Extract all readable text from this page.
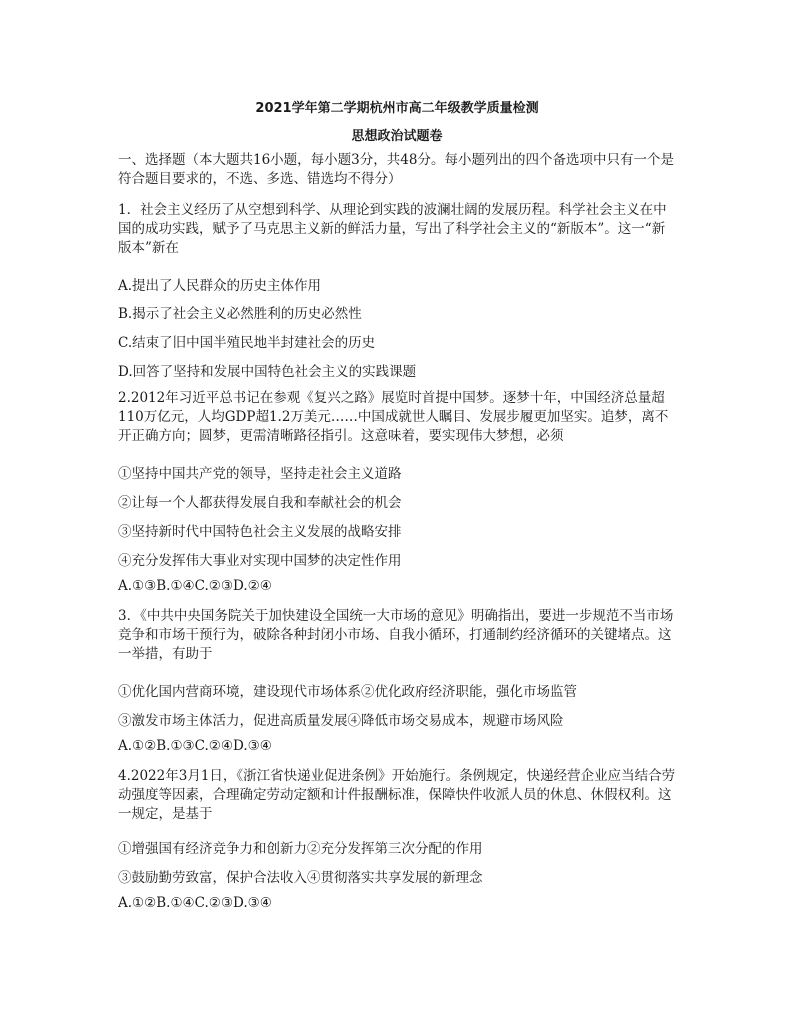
2021学年第二学期杭州市高二年级教学质量检测
思想政治试题卷
一、选择题（本大题共16小题，每小题3分，共48分。每小题列出的四个备选项中只有一个是符合题目要求的，不选、多选、错选均不得分）
1．社会主义经历了从空想到科学、从理论到实践的波澜壮阔的发展历程。科学社会主义在中国的成功实践，赋予了马克思主义新的鲜活力量，写出了科学社会主义的“新版本”。这一“新版本”新在
A.提出了人民群众的历史主体作用
B.揭示了社会主义必然胜利的历史必然性
C.结束了旧中国半殖民地半封建社会的历史
D.回答了坚持和发展中国特色社会主义的实践课题
2.2012年习近平总书记在参观《复兴之路》展览时首提中国梦。逐梦十年，中国经济总量超110万亿元，人均GDP超1.2万美元……中国成就世人瞩目、发展步履更加坚实。追梦，离不开正确方向；圆梦，更需清晰路径指引。这意味着，要实现伟大梦想，必须
①坚持中国共产党的领导，坚持走社会主义道路
②让每一个人都获得发展自我和奉献社会的机会
③坚持新时代中国特色社会主义发展的战略安排
④充分发挥伟大事业对实现中国梦的决定性作用
A.①③B.①④C.②③D.②④
3．《中共中央国务院关于加快建设全国统一大市场的意见》明确指出，要进一步规范不当市场竞争和市场干预行为，破除各种封闭小市场、自我小循环，打通制约经济循环的关键堵点。这一举措，有助于
①优化国内营商环境，建设现代市场体系②优化政府经济职能，强化市场监管
③激发市场主体活力，促进高质量发展④降低市场交易成本，规避市场风险
A.①②B.①③C.②④D.③④
4.2022年3月1日，《浙江省快递业促进条例》开始施行。条例规定，快递经营企业应当结合劳动强度等因素，合理确定劳动定额和计件报酬标准，保障快件收派人员的休息、休假权利。这一规定，是基于
①增强国有经济竞争力和创新力②充分发挥第三次分配的作用
③鼓励勤劳致富，保护合法收入④贯彻落实共享发展的新理念
A.①②B.①④C.②③D.③④
